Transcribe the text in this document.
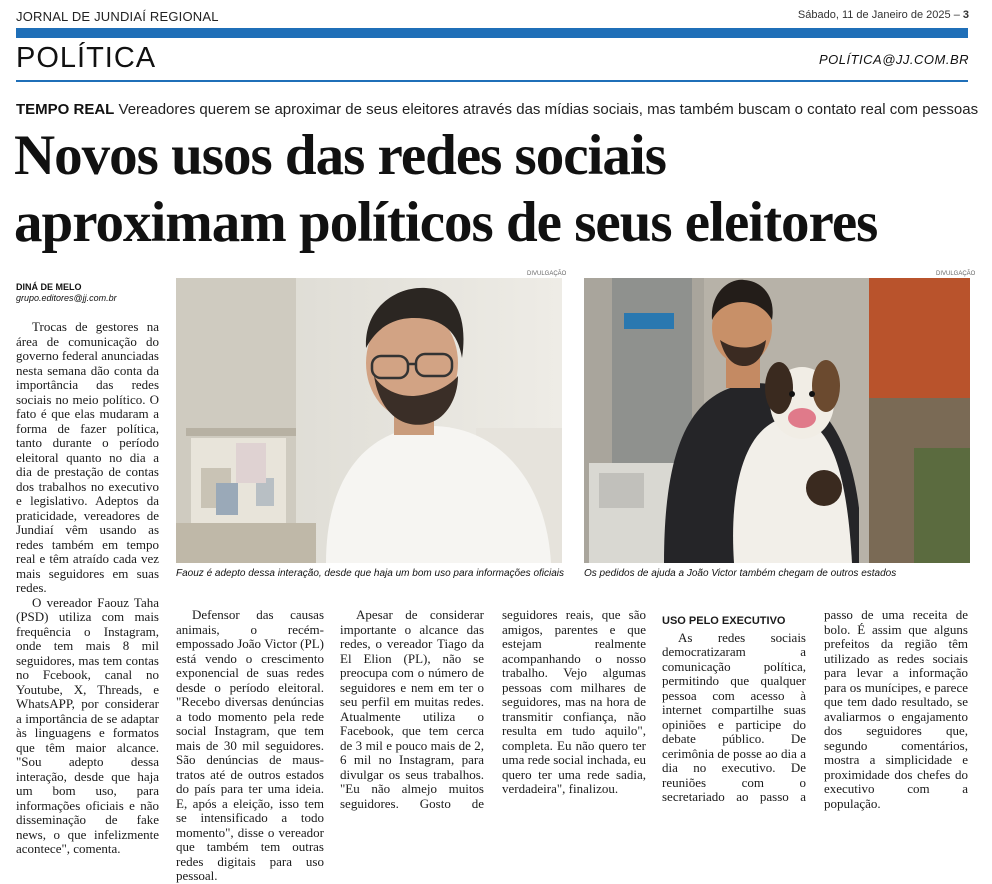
JORNAL DE JUNDIAÍ REGIONAL	Sábado, 11 de Janeiro de 2025 – 3
POLÍTICA	POLÍTICA@JJ.COM.BR
TEMPO REAL Vereadores querem se aproximar de seus eleitores através das mídias sociais, mas também buscam o contato real com pessoas
Novos usos das redes sociais
aproximam políticos de seus eleitores
DINÁ DE MELO
grupo.editores@jj.com.br
DIVULGAÇÃO
Faouz é adepto dessa interação, desde que haja um bom uso para informações oficiais
DIVULGAÇÃO
Os pedidos de ajuda a João Victor também chegam de outros estados

Trocas de gestores na área de comunicação do governo federal anunciadas nesta semana dão conta da importância das redes sociais no meio político. O fato é que elas mudaram a forma de fazer política, tanto durante o período eleitoral quanto no dia a dia de prestação de contas dos trabalhos no executivo e legislativo. Adeptos da praticidade, vereadores de Jundiaí vêm usando as redes também em tempo real e têm atraído cada vez mais seguidores em suas redes.

O vereador Faouz Taha (PSD) utiliza com mais frequência o Instagram, onde tem mais 8 mil seguidores, mas tem contas no Fcebook, canal no Youtube, X, Threads, e WhatsAPP, por considerar a importância de se adaptar às linguagens e formatos que têm maior alcance. "Sou adepto dessa interação, desde que haja um bom uso, para informações oficiais e não disseminação de fake news, o que infelizmente acontece", comenta.

Defensor das causas animais, o recém-empossado João Victor (PL) está vendo o crescimento exponencial de suas redes desde o período eleitoral. "Recebo diversas denúncias a todo momento pela rede social Instagram, que tem mais de 30 mil seguidores. São denúncias de maus-tratos até de outros estados do país para ter uma ideia. E, após a eleição, isso tem se intensificado a todo momento", disse o vereador que também tem outras redes digitais para uso pessoal.

Apesar de considerar importante o alcance das redes, o vereador Tiago da El Elion (PL), não se preocupa com o número de seguidores e nem em ter o seu perfil em muitas redes. Atualmente utiliza o Facebook, que tem cerca de 3 mil e pouco mais de 2, 6 mil no Instagram, para divulgar os seus trabalhos. "Eu não almejo muitos seguidores. Gosto de seguidores reais, que são amigos, parentes e que estejam realmente acompanhando o nosso trabalho. Vejo algumas pessoas com milhares de seguidores, mas na hora de transmitir confiança, não resulta em tudo aquilo", completa. Eu não quero ter uma rede social inchada, eu quero ter uma rede sadia, verdadeira", finalizou.

USO PELO EXECUTIVO

As redes sociais democratizaram a comunicação política, permitindo que qualquer pessoa com acesso à internet compartilhe suas opiniões e participe do debate público. De cerimônia de posse ao dia a dia no executivo. De reuniões com o secretariado ao passo a passo de uma receita de bolo. É assim que alguns prefeitos da região têm utilizado as redes sociais para levar a informação para os munícipes, e parece que tem dado resultado, se avaliarmos o engajamento dos seguidores que, segundo comentários, mostra a simplicidade e proximidade dos chefes do executivo com a população.
